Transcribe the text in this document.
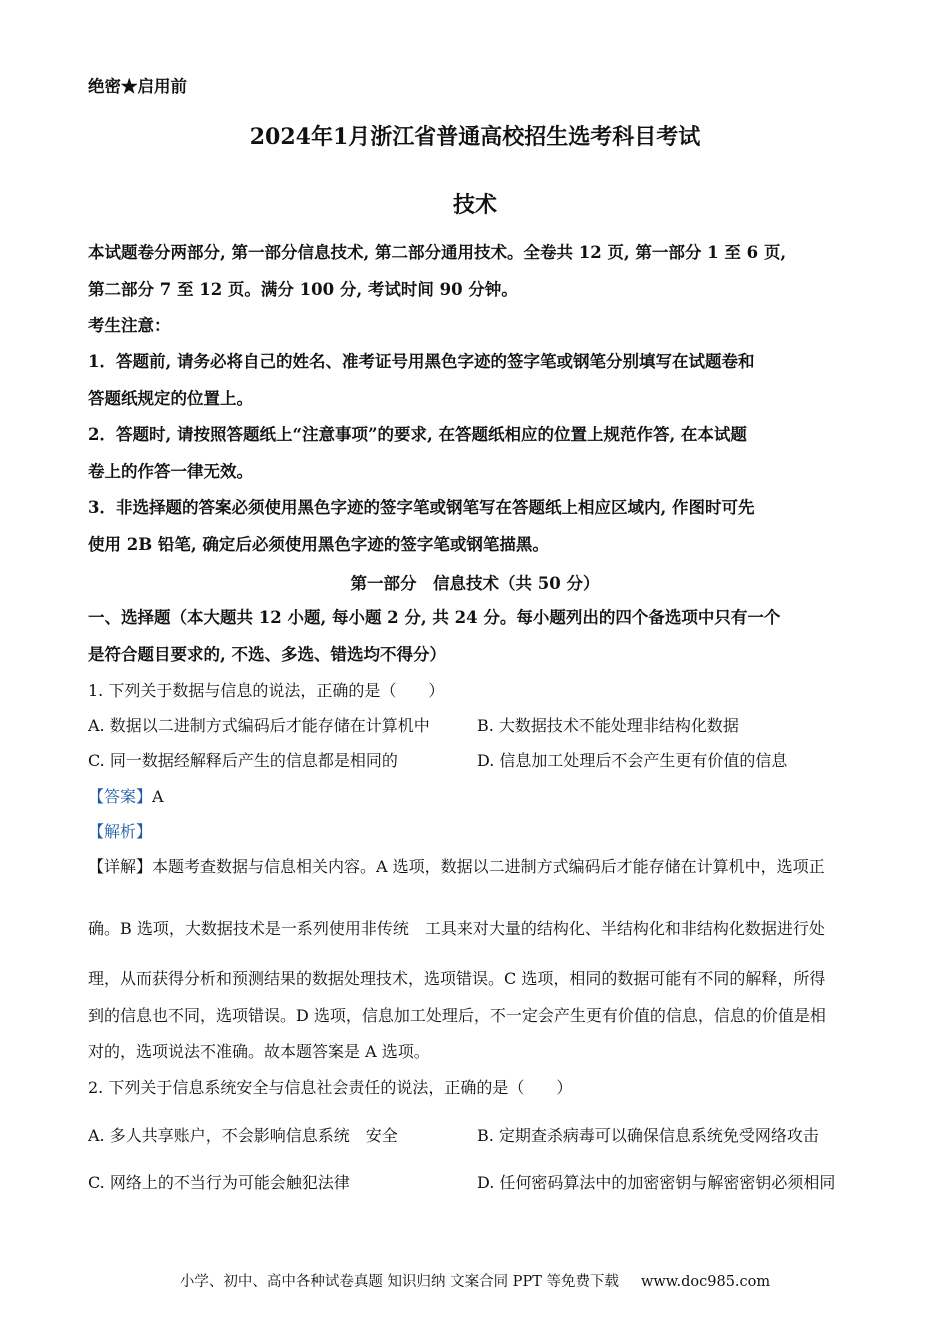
绝密★启用前
2024年1月浙江省普通高校招生选考科目考试
技术
本试题卷分两部分, 第一部分信息技术, 第二部分通用技术。全卷共 12 页, 第一部分 1 至 6 页,
第二部分 7 至 12 页。满分 100 分, 考试时间 90 分钟。
考生注意：
1．答题前, 请务必将自己的姓名、准考证号用黑色字迹的签字笔或钢笔分别填写在试题卷和
答题纸规定的位置上。
2．答题时, 请按照答题纸上“注意事项”的要求, 在答题纸相应的位置上规范作答, 在本试题
卷上的作答一律无效。
3．非选择题的答案必须使用黑色字迹的签字笔或钢笔写在答题纸上相应区域内, 作图时可先
使用 2B 铅笔, 确定后必须使用黑色字迹的签字笔或钢笔描黑。
第一部分　信息技术（共 50 分）
一、选择题（本大题共 12 小题, 每小题 2 分, 共 24 分。每小题列出的四个备选项中只有一个
是符合题目要求的, 不选、多选、错选均不得分）
1. 下列关于数据与信息的说法，正确的是（　　）
A. 数据以二进制方式编码后才能存储在计算机中	B. 大数据技术不能处理非结构化数据
C. 同一数据经解释后产生的信息都是相同的	D. 信息加工处理后不会产生更有价值的信息
【答案】A
【解析】
【详解】本题考查数据与信息相关内容。A 选项，数据以二进制方式编码后才能存储在计算机中，选项正
确。B 选项，大数据技术是一系列使用非传统　工具来对大量的结构化、半结构化和非结构化数据进行处
理，从而获得分析和预测结果的数据处理技术，选项错误。C 选项，相同的数据可能有不同的解释，所得
到的信息也不同，选项错误。D 选项，信息加工处理后，不一定会产生更有价值的信息，信息的价值是相
对的，选项说法不准确。故本题答案是 A 选项。
2. 下列关于信息系统安全与信息社会责任的说法，正确的是（　　）
A. 多人共享账户，不会影响信息系统　安全	B. 定期查杀病毒可以确保信息系统免受网络攻击
C. 网络上的不当行为可能会触犯法律	D. 任何密码算法中的加密密钥与解密密钥必须相同
小学、初中、高中各种试卷真题 知识归纳 文案合同 PPT 等免费下载 www.doc985.com
